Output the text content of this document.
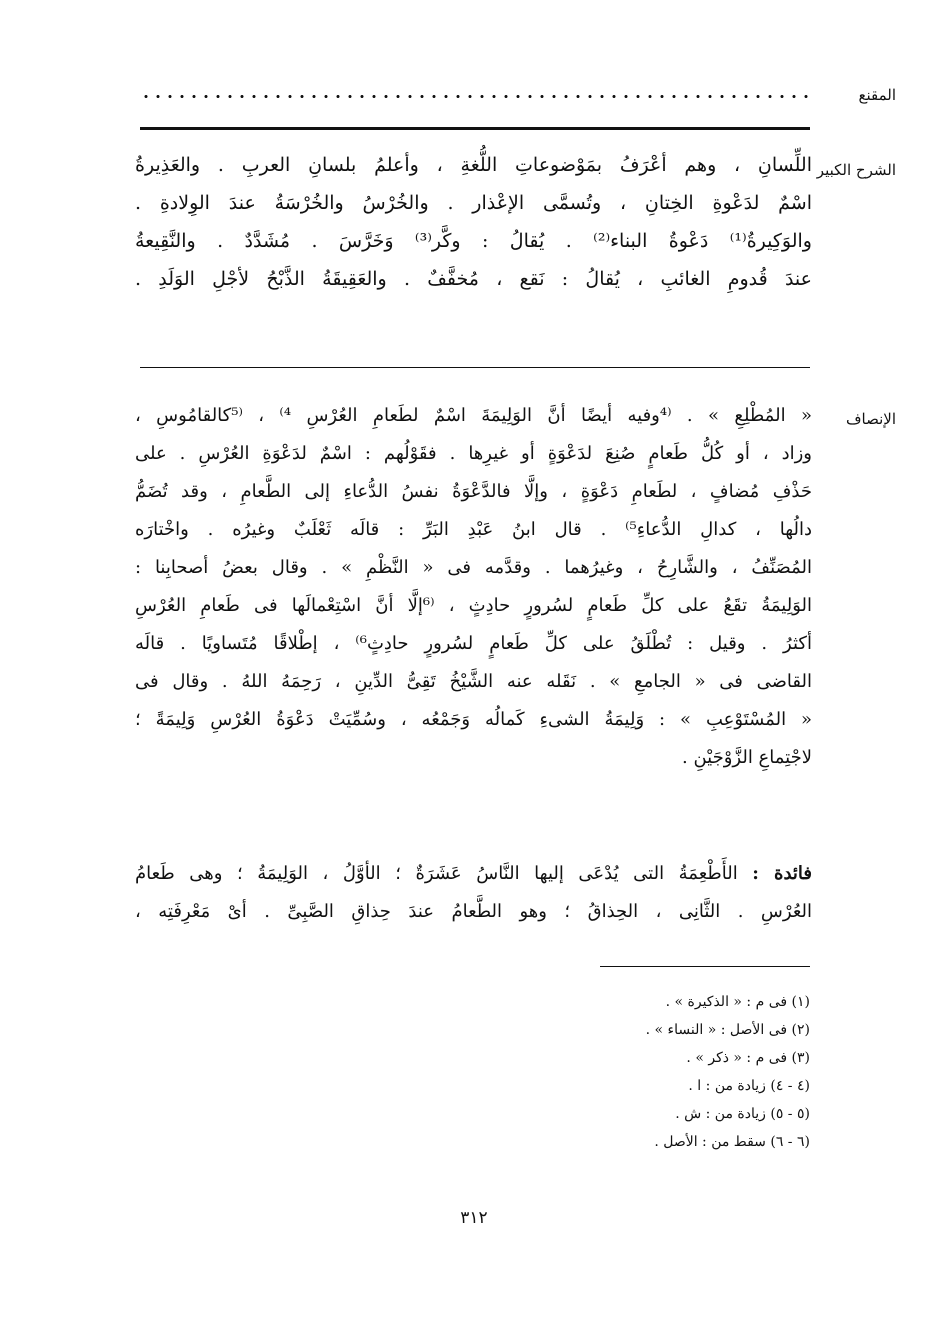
المقنع
الشرح الكبير
اللِّسانِ ، وهم أعْرَفُ بمَوْضوعاتِ اللُّغةِ ، وأعلمُ بلسانِ العربِ . والعَذِيرةُ
اسْمٌ لدَعْوةِ الخِتانِ ، وتُسمَّى الإعْذار . والخُرْسُ والخُرْسَةُ عندَ الوِلادةِ .
والوَكِيرةُ⁽¹⁾ دَعْوةُ البناء⁽²⁾ . يُقالُ : وكَّر⁽³⁾ وَخَرَّسَ . مُشَدَّدٌ . والنَّقِيعةُ
عندَ قُدومِ الغائبِ ، يُقالُ : نَقع ، مُخفَّفٌ . والعَقِيقَةُ الذَّبْحُ لأجْلِ الوَلَدِ .
الإنصاف
« المُطْلِعِ » . ⁽⁴وفيه أيضًا أنَّ الوَلِيمَةَ اسْمٌ لطَعامِ العُرْسِ ⁴⁾ ، ⁽⁵كالقامُوسِ ،
وزاد ، أو كُلُّ طَعامٍ صُنِعَ لدَعْوَةٍ أو غيرِها . فقَوْلُهم : اسْمٌ لدَعْوَةِ العُرْسِ . على
حَذْفِ مُضافٍ ، لطَعامِ دَعْوَةٍ ، وإلَّا فالدَّعْوَةُ نفسُ الدُّعاءِ إلى الطَّعامِ ، وقد تُضَمُّ
دالُها ، كدالِ الدُّعاءِ⁵⁾ . قال ابنُ عَبْدِ البَرِّ : قالَه ثَعْلَبٌ وغيرُه . واخْتارَه
المُصَنِّفُ ، والشَّارِحُ ، وغيرُهما . وقدَّمه فى « النَّظْمِ » . وقال بعضُ أصحابِنا :
الوَلِيمَةُ تقَعُ على كلِّ طَعامٍ لسُرورٍ حادِثٍ ، ⁽⁶إلَّا أنَّ اسْتِعْمالَها فى طَعامِ العُرْسِ
أكثرُ . وقيل : تُطْلَقُ على كلِّ طَعامٍ لسُرورٍ حادِثٍ⁶⁾ ، إطْلاقًا مُتَساويًا . قالَه
القاضى فى « الجامعِ » . نَقَله عنه الشَّيْخُ تَقِىُّ الدِّينِ ، رَحِمَهُ اللهُ . وقال فى
« المُسْتَوْعِبِ » : وَلِيمَةُ الشىءِ كَمالُه وَجَمْعُه ، وسُمِّيَتْ دَعْوَةُ العُرْسِ وَلِيمَةً ؛
لاجْتِماعِ الزَّوْجَيْنِ .
فائدة : الأَطْعِمَةُ التى يُدْعَى إليها النَّاسُ عَشَرَةٌ ؛ الأوَّلُ ، الوَلِيمَةُ ؛ وهى طَعامُ
العُرْسِ . الثَّانِى ، الحِذاقُ ؛ وهو الطَّعامُ عندَ حِذاقِ الصَّبِىِّ . أىْ مَعْرِفَتِه ،
(١) فى م : « الذكيرة » .
(٢) فى الأصل : « النساء » .
(٣) فى م : « ذكر » .
(٤ - ٤) زيادة من : ا .
(٥ - ٥) زيادة من : ش .
(٦ - ٦) سقط من : الأصل .
٣١٢
